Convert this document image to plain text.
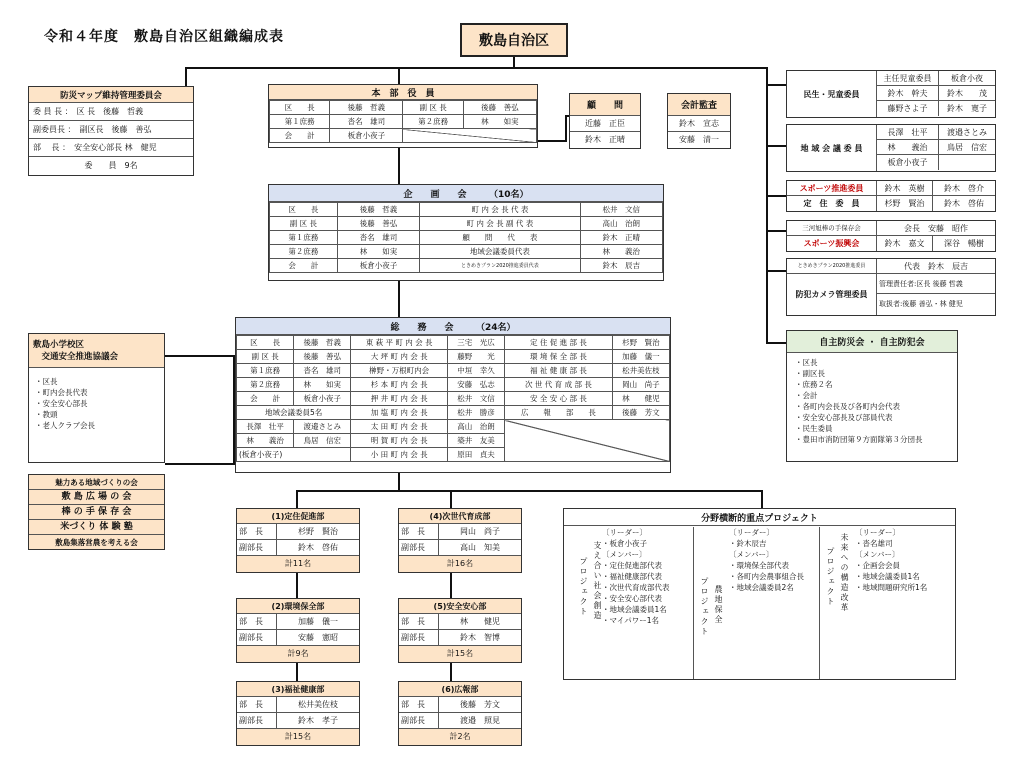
令和４年度　敷島自治区組織編成表	敷島自治区
本　部　役　員
区　　長	後藤　哲義	副 区 長	後藤　善弘
第１庶務	沓名　雄司	第２庶務	林　　如実
会　　計	板倉小夜子		
顧　　問
近藤　正臣
鈴木　正晴
会計監査
鈴木　宣志
安藤　清一
防災マップ維持管理委員会
委 員 長 ：　区 長　後藤　哲義
副委員長 ：　副区長　後藤　善弘
部　 長 ：　安全安心部長 林　健児
委　　員　9名
企　　画　　会　　　（10名）
区　　長	後藤　哲義	町 内 会 長 代 表	松井　文信
副 区 長	後藤　善弘	町 内 会 長 副 代 表	高山　治朗
第１庶務	沓名　雄司	顧　　問　　代　　表	鈴木　正晴
第２庶務	林　　如実	地域会議委員代表	林　　義治
会　　計	板倉小夜子	ときめきプラン2020推進委員代表	鈴木　辰吉
総　　務　　会　　　（24名）
区　　長	後藤　哲義	東 萩 平 町 内 会 長	三宅　光広	定 住 促 進 部 長	杉野　賢治
副 区 長	後藤　善弘	大 坪 町 内 会 長	藤野　　光	環 境 保 全 部 長	加藤　儀一
第１庶務	沓名　雄司	榊野・万根町内会	中垣　幸久	福 祉 健 康 部 長	松井美佐枝
第２庶務	林　　如実	杉 本 町 内 会 長	安藤　弘志	次 世 代 育 成 部 長	岡山　尚子
会　　計	板倉小夜子	押 井 町 内 会 長	松井　文信	安 全 安 心 部 長	林　　健児
地域会議委員5名		加 塩 町 内 会 長	松井　勝彦	広　　報　　部　　長	後藤　芳文
長澤　壮平	渡邉さとみ	太 田 町 内 会 長	高山　治朗		
林　　義治	鳥居　信宏	明 賀 町 内 会 長	築井　友美		
(板倉小夜子)		小 田 町 内 会 長	原田　貞夫		
敷島小学校区
　交通安全推進協議会
・区長
・町内会長代表
・安全安心部長
・教頭
・老人クラブ会長
魅力ある地域づくりの会
敷 島 広 場 の 会
棒 の 手 保 存 会
米づくり 体 験 塾
敷島集落営農を考える会
民生・児童委員
主任児童委員	板倉小夜
鈴木　幹夫	鈴木　　茂
藤野さよ子	鈴木　寛子
地 域 会 議 委 員
長澤　壮平	渡邉さとみ
林　　義治	鳥居　信宏
板倉小夜子
スポーツ推進委員	鈴木　英樹	鈴木　啓介
定　住　委　員	杉野　賢治	鈴木　啓佑
三河旭棒の手保存会	会長　安藤　昭作
スポーツ振興会	鈴木　嘉文	深谷　暢樹
ときめきプラン2020推進委員	代表　鈴木　辰吉
防犯カメラ管理委員
管理責任者:区長 後藤 哲義
取扱者:後藤 善弘・林 健児
自主防災会 ・ 自主防犯会
・区長
・副区長
・庶務２名
・会計
・各町内会長及び各町内会代表
・安全安心部長及び部員代表
・民生委員
・豊田市消防団第９方面隊第３分団長
(1)定住促進部
部　長	杉野　賢治
副部長	鈴木　啓佑
計11名
(4)次世代育成部
部　長	岡山　尚子
副部長	高山　知美
計16名
(2)環境保全部
部　長	加藤　儀一
副部長	安藤　憲昭
計9名
(5)安全安心部
部　長	林　　健児
副部長	鈴木　智博
計15名
(3)福祉健康部
部　長	松井美佐枝
副部長	鈴木　孝子
計15名
(6)広報部
部　長	後藤　芳文
副部長	渡邉　照見
計2名
分野横断的重点プロジェクト
プロジェクト 支え合い社会創造
〔リーダー〕
・板倉小夜子
〔メンバー〕
・定住促進部代表
・福祉健康部代表
・次世代育成部代表
・安全安心部代表
・地域会議委員1名
・マイパワー1名	プロジェクト 農地保全
〔リーダー〕
・鈴木辰吉
〔メンバー〕
・環境保全部代表
・各町内会農事組合長
・地域会議委員2名	プロジェクト 未来への構造改革
〔リーダー〕
・沓名雄司
〔メンバー〕
・企画会会員
・地域会議委員1名
・地域問題研究所1名
